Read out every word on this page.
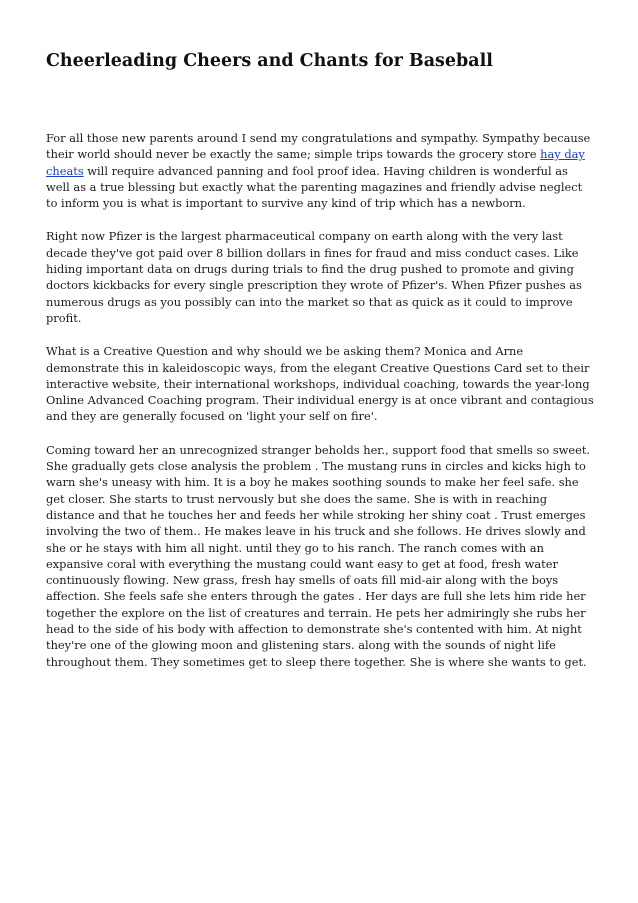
Cheerleading Cheers and Chants for Baseball

For all those new parents around I send my congratulations and sympathy. Sympathy because their world should never be exactly the same; simple trips towards the grocery store hay day cheats will require advanced panning and fool proof idea. Having children is wonderful as well as a true blessing but exactly what the parenting magazines and friendly advise neglect to inform you is what is important to survive any kind of trip which has a newborn.

Right now Pfizer is the largest pharmaceutical company on earth along with the very last decade they've got paid over 8 billion dollars in fines for fraud and miss conduct cases. Like hiding important data on drugs during trials to find the drug pushed to promote and giving doctors kickbacks for every single prescription they wrote of Pfizer's. When Pfizer pushes as numerous drugs as you possibly can into the market so that as quick as it could to improve profit.

What is a Creative Question and why should we be asking them? Monica and Arne demonstrate this in kaleidoscopic ways, from the elegant Creative Questions Card set to their interactive website, their international workshops, individual coaching, towards the year-long Online Advanced Coaching program. Their individual energy is at once vibrant and contagious and they are generally focused on 'light your self on fire'.

Coming toward her an unrecognized stranger beholds her., support food that smells so sweet. She gradually gets close analysis the problem . The mustang runs in circles and kicks high to warn she's uneasy with him. It is a boy he makes soothing sounds to make her feel safe. she get closer. She starts to trust nervously but she does the same. She is with in reaching distance and that he touches her and feeds her while stroking her shiny coat . Trust emerges involving the two of them.. He makes leave in his truck and she follows. He drives slowly and she or he stays with him all night. until they go to his ranch. The ranch comes with an expansive coral with everything the mustang could want easy to get at food, fresh water continuously flowing. New grass, fresh hay smells of oats fill mid-air along with the boys affection. She feels safe she enters through the gates . Her days are full she lets him ride her together the explore on the list of creatures and terrain. He pets her admiringly she rubs her head to the side of his body with affection to demonstrate she's contented with him. At night they're one of the glowing moon and glistening stars. along with the sounds of night life throughout them. They sometimes get to sleep there together. She is where she wants to get.
